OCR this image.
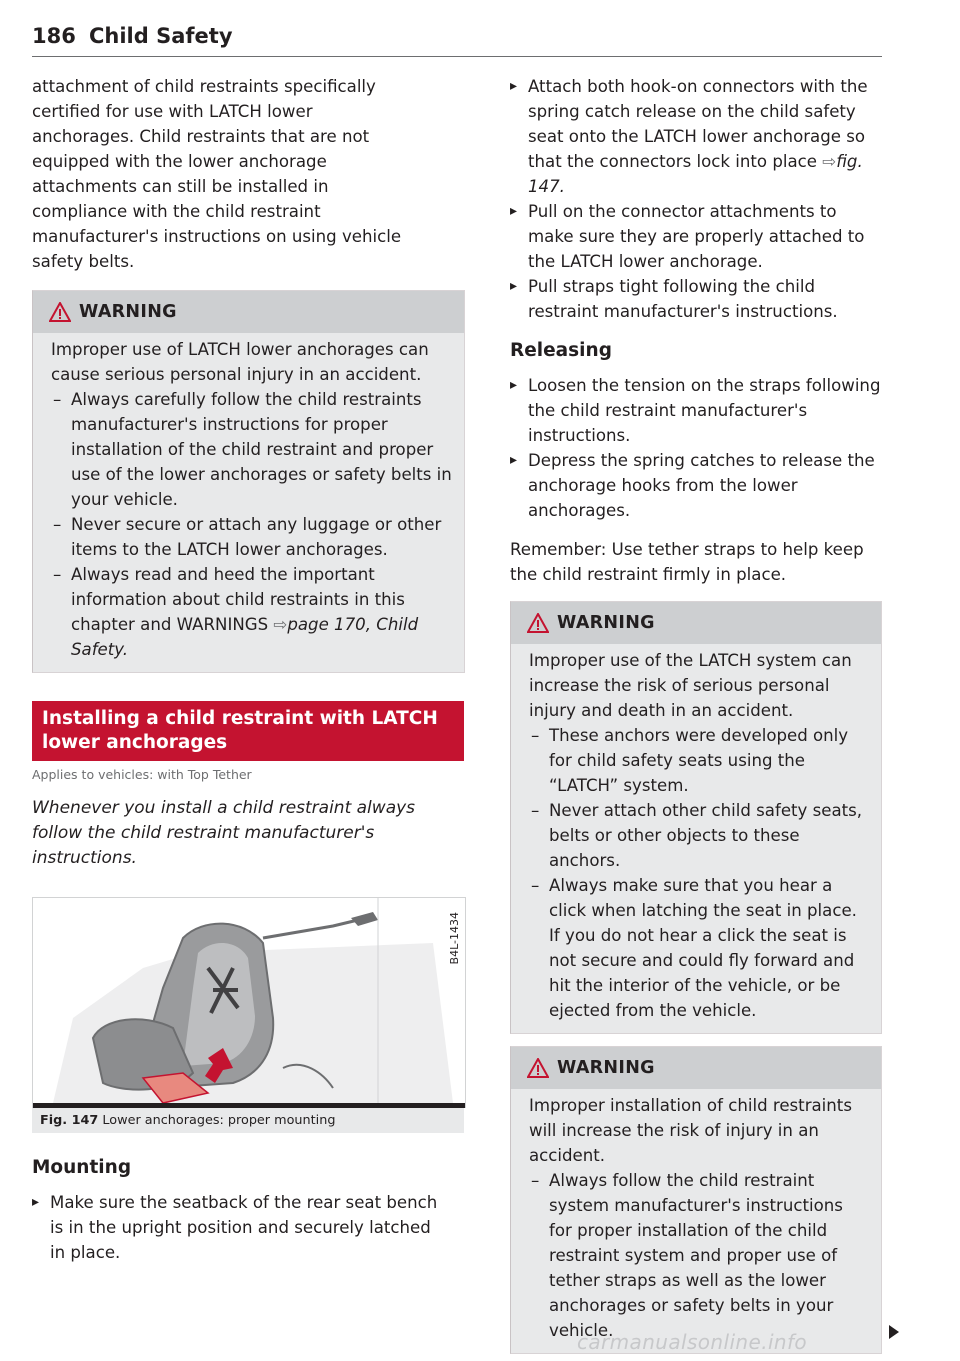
186 Child Safety

attachment of child restraints specifically certified for use with LATCH lower anchorages. Child restraints that are not equipped with the lower anchorage attachments can still be installed in compliance with the child restraint manufacturer's instructions on using vehicle safety belts.

WARNING

Improper use of LATCH lower anchorages can cause serious personal injury in an accident.

– Always carefully follow the child restraints manufacturer's instructions for proper installation of the child restraint and proper use of the lower anchorages or safety belts in your vehicle.
– Never secure or attach any luggage or other items to the LATCH lower anchorages.
– Always read and heed the important information about child restraints in this chapter and WARNINGS ⇨page 170, Child Safety.
Installing a child restraint with LATCH lower anchorages
Applies to vehicles: with Top Tether

Whenever you install a child restraint always follow the child restraint manufacturer's instructions.

B4L-1434
Fig. 147 Lower anchorages: proper mounting
Mounting
▸ Make sure the seatback of the rear seat bench is in the upright position and securely latched in place.
▸ Attach both hook-on connectors with the spring catch release on the child safety seat onto the LATCH lower anchorage so that the connectors lock into place ⇨fig. 147.
▸ Pull on the connector attachments to make sure they are properly attached to the LATCH lower anchorage.
▸ Pull straps tight following the child restraint manufacturer's instructions.
Releasing
▸ Loosen the tension on the straps following the child restraint manufacturer's instructions.
▸ Depress the spring catches to release the anchorage hooks from the lower anchorages.

Remember: Use tether straps to help keep the child restraint firmly in place.

WARNING

Improper use of the LATCH system can increase the risk of serious personal injury and death in an accident.

– These anchors were developed only for child safety seats using the “LATCH” system.
– Never attach other child safety seats, belts or other objects to these anchors.
– Always make sure that you hear a click when latching the seat in place. If you do not hear a click the seat is not secure and could fly forward and hit the interior of the vehicle, or be ejected from the vehicle.
WARNING

Improper installation of child restraints will increase the risk of injury in an accident.

– Always follow the child restraint system manufacturer's instructions for proper installation of the child restraint system and proper use of tether straps as well as the lower anchorages or safety belts in your vehicle.
carmanualsonline.info
